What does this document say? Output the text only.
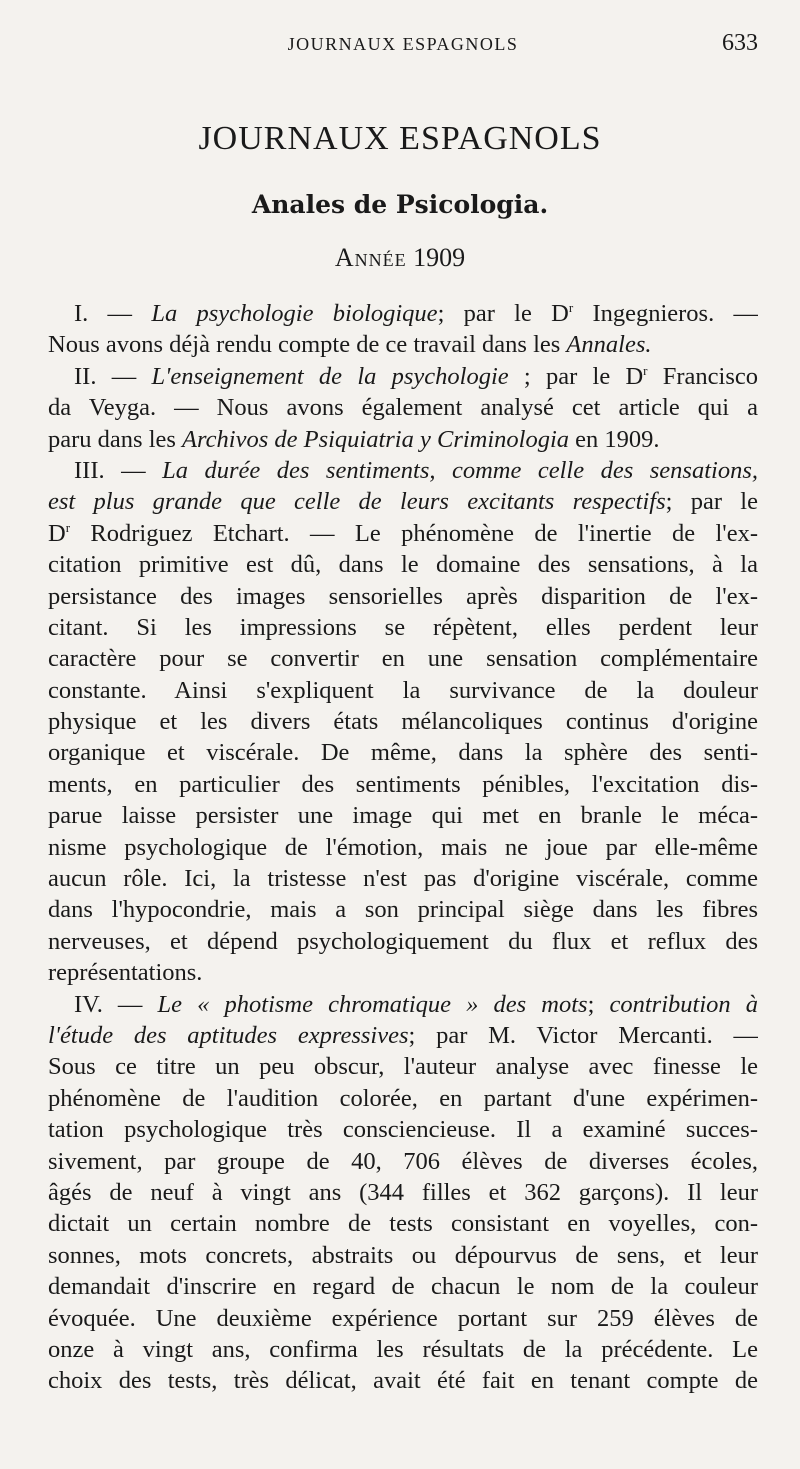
JOURNAUX ESPAGNOLS	633
JOURNAUX ESPAGNOLS
Anales de Psicologia.
Année 1909
I. — La psychologie biologique; par le $D^r$ Ingegnieros. —
Nous avons déjà rendu compte de ce travail dans les Annales.
II. — L'enseignement de la psychologie ; par le $D^r$ Francisco
da Veyga. — Nous avons également analysé cet article qui a
paru dans les Archivos de Psiquiatria y Criminologia en 1909.
III. — La durée des sentiments, comme celle des sensations,
est plus grande que celle de leurs excitants respectifs; par le
$D^r$ Rodriguez Etchart. — Le phénomène de l'inertie de l'ex-
citation primitive est dû, dans le domaine des sensations, à la
persistance des images sensorielles après disparition de l'ex-
citant. Si les impressions se répètent, elles perdent leur
caractère pour se convertir en une sensation complémentaire
constante. Ainsi s'expliquent la survivance de la douleur
physique et les divers états mélancoliques continus d'origine
organique et viscérale. De même, dans la sphère des senti-
ments, en particulier des sentiments pénibles, l'excitation dis-
parue laisse persister une image qui met en branle le méca-
nisme psychologique de l'émotion, mais ne joue par elle-même
aucun rôle. Ici, la tristesse n'est pas d'origine viscérale, comme
dans l'hypocondrie, mais a son principal siège dans les fibres
nerveuses, et dépend psychologiquement du flux et reflux des
représentations.
IV. — Le « photisme chromatique » des mots; contribution à
l'étude des aptitudes expressives; par M. Victor Mercanti. —
Sous ce titre un peu obscur, l'auteur analyse avec finesse le
phénomène de l'audition colorée, en partant d'une expérimen-
tation psychologique très consciencieuse. Il a examiné succes-
sivement, par groupe de 40, 706 élèves de diverses écoles,
âgés de neuf à vingt ans (344 filles et 362 garçons). Il leur
dictait un certain nombre de tests consistant en voyelles, con-
sonnes, mots concrets, abstraits ou dépourvus de sens, et leur
demandait d'inscrire en regard de chacun le nom de la couleur
évoquée. Une deuxième expérience portant sur 259 élèves de
onze à vingt ans, confirma les résultats de la précédente. Le
choix des tests, très délicat, avait été fait en tenant compte de
